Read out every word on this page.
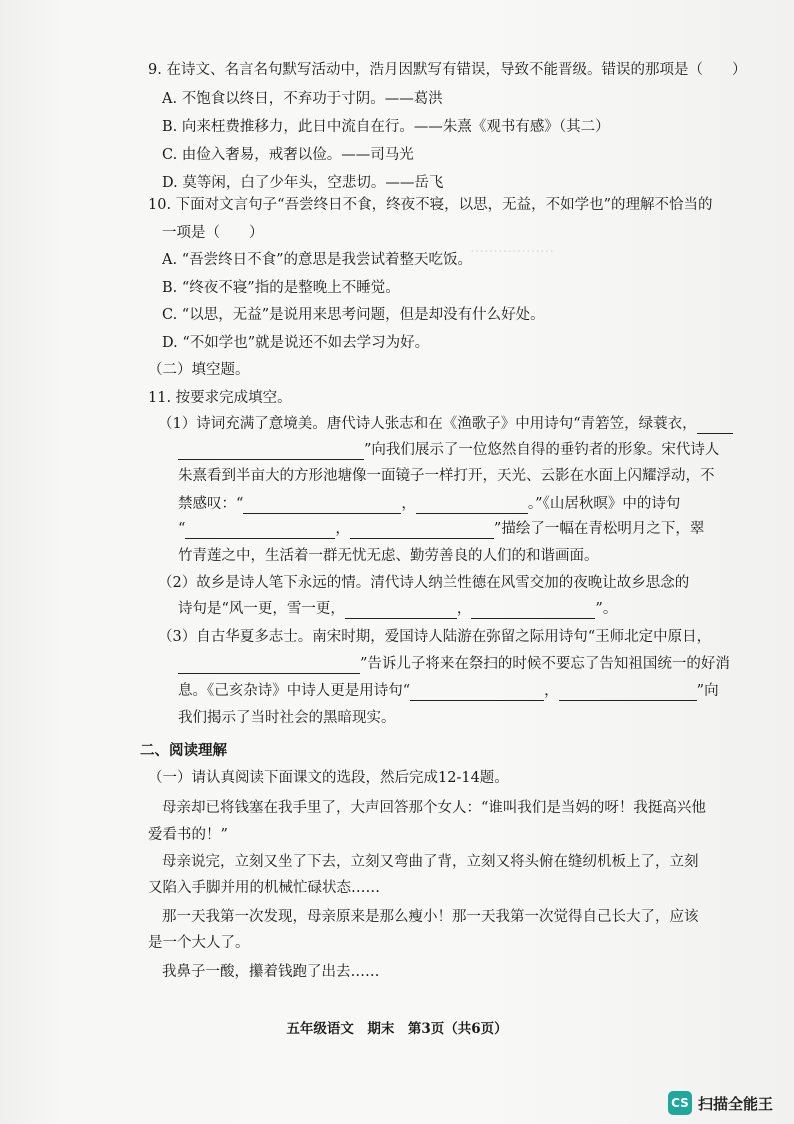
………………
9. 在诗文、名言名句默写活动中，浩月因默写有错误，导致不能晋级。错误的那项是（　　）
A. 不饱食以终日，不弃功于寸阴。——葛洪
B. 向来枉费推移力，此日中流自在行。——朱熹《观书有感》（其二）
C. 由俭入奢易，戒奢以俭。——司马光
D. 莫等闲，白了少年头，空悲切。——岳飞
10. 下面对文言句子“吾尝终日不食，终夜不寝，以思，无益，不如学也”的理解不恰当的
一项是（　　）
A. “吾尝终日不食”的意思是我尝试着整天吃饭。
B. “终夜不寝”指的是整晚上不睡觉。
C. “以思，无益”是说用来思考问题，但是却没有什么好处。
D. “不如学也”就是说还不如去学习为好。
（二）填空题。
11. 按要求完成填空。
（1）诗词充满了意境美。唐代诗人张志和在《渔歌子》中用诗句“青箬笠，绿蓑衣，
”向我们展示了一位悠然自得的垂钓者的形象。宋代诗人
朱熹看到半亩大的方形池塘像一面镜子一样打开，天光、云影在水面上闪耀浮动，不
禁感叹：“	，	。”《山居秋暝》中的诗句
“	，	”描绘了一幅在青松明月之下，翠
竹青莲之中，生活着一群无忧无虑、勤劳善良的人们的和谐画面。
（2）故乡是诗人笔下永远的情。清代诗人纳兰性德在风雪交加的夜晚让故乡思念的
诗句是“风一更，雪一更，	，	”。
（3）自古华夏多志士。南宋时期，爱国诗人陆游在弥留之际用诗句“王师北定中原日，
”告诉儿子将来在祭扫的时候不要忘了告知祖国统一的好消
息。《己亥杂诗》中诗人更是用诗句“	，	”向
我们揭示了当时社会的黑暗现实。
二、阅读理解
（一）请认真阅读下面课文的选段，然后完成12-14题。
母亲却已将钱塞在我手里了，大声回答那个女人：“谁叫我们是当妈的呀！我挺高兴他
爱看书的！”
母亲说完，立刻又坐了下去，立刻又弯曲了背，立刻又将头俯在缝纫机板上了，立刻
又陷入手脚并用的机械忙碌状态……
那一天我第一次发现，母亲原来是那么瘦小！那一天我第一次觉得自己长大了，应该
是一个大人了。
我鼻子一酸，攥着钱跑了出去……
五年级语文　期末　第3页（共6页）
CS 扫描全能王
